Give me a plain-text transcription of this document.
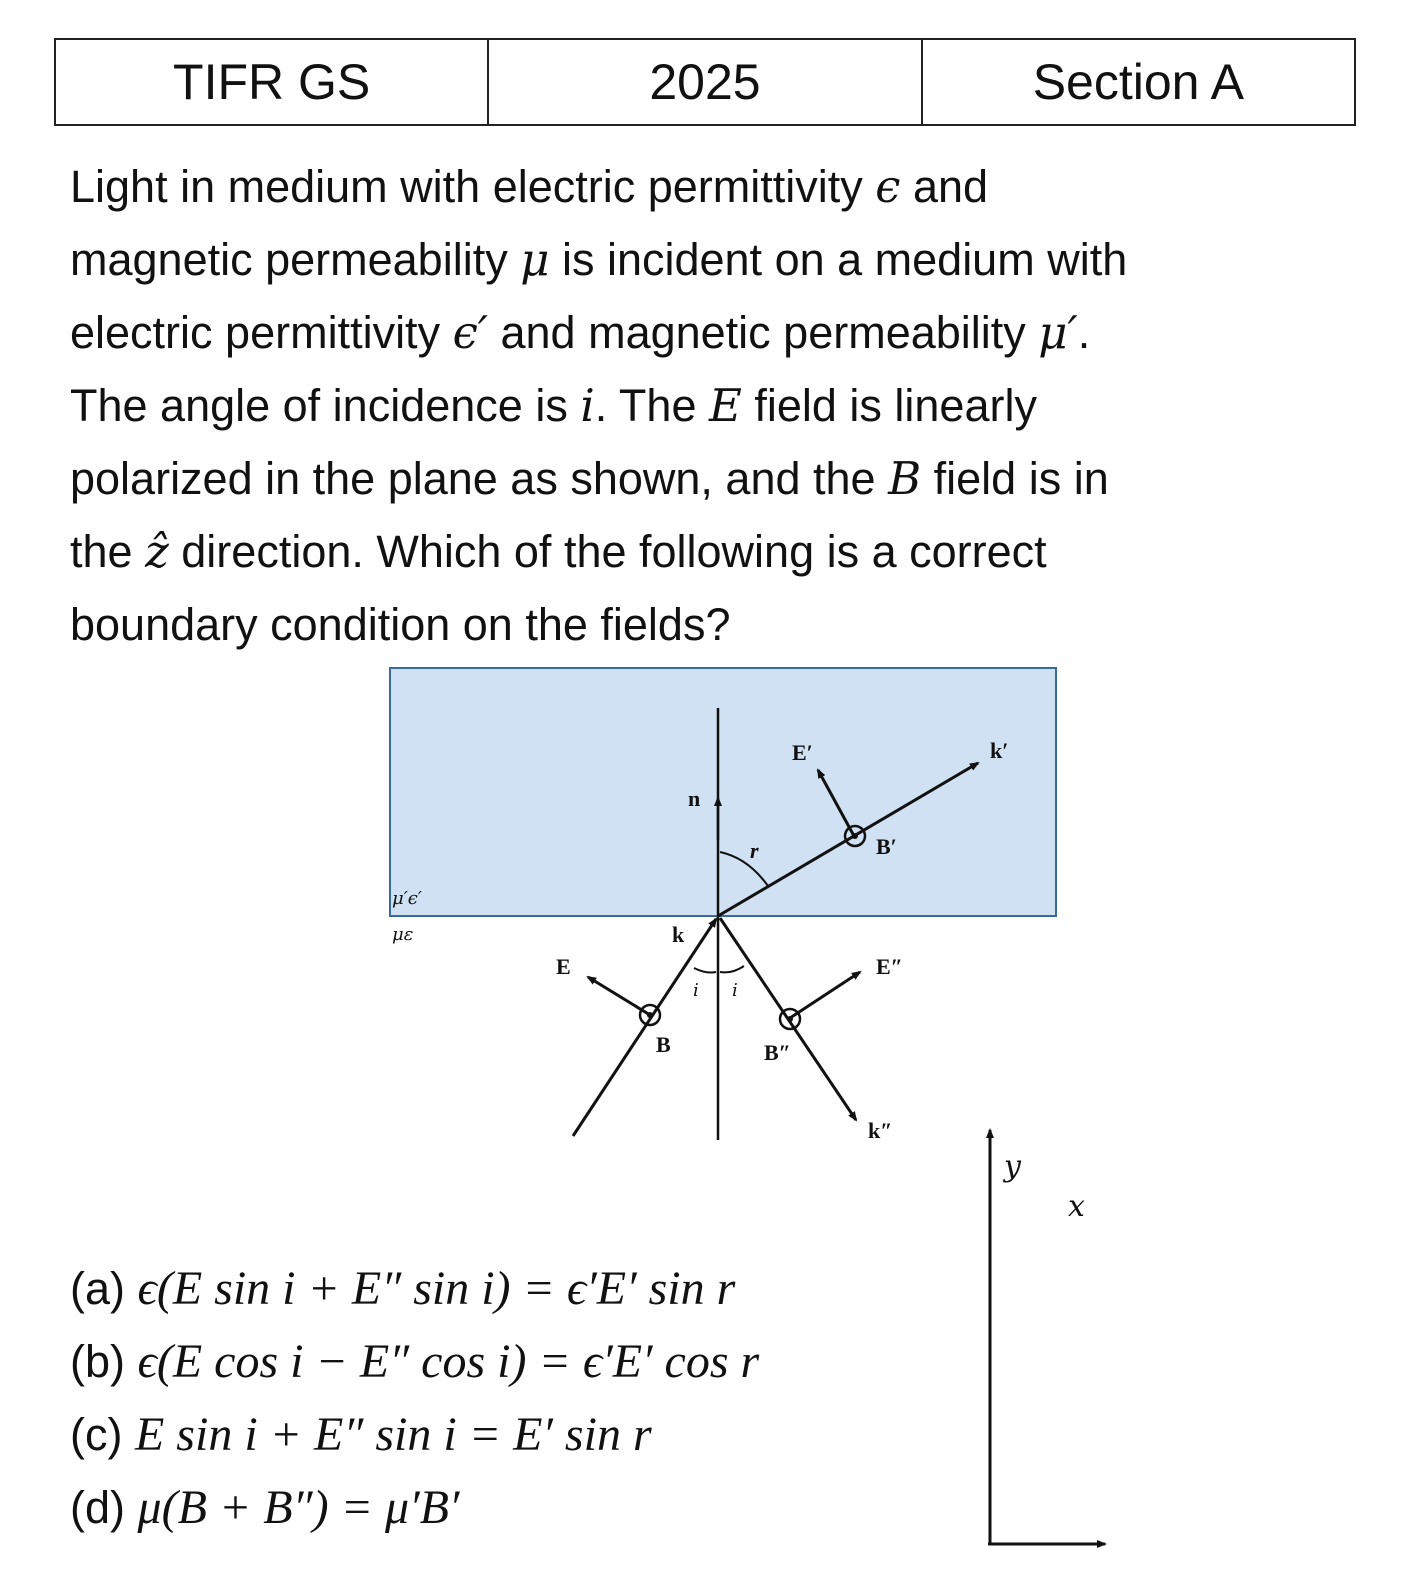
TIFR GS	2025	Section A

Light in medium with electric permittivity ϵ and
magnetic permeability μ is incident on a medium with
electric permittivity ϵ′ and magnetic permeability μ′.
The angle of incidence is i. The E field is linearly
polarized in the plane as shown, and the B field is in
the ẑ direction. Which of the following is a correct
boundary condition on the fields?

n
r
E′	k′
B′
k
E
B	B″
E″
k″
μ′ϵ′
με
i i
y
x
(a) ϵ(E sin i + E″ sin i) = ϵ′E′ sin r
(b) ϵ(E cos i − E″ cos i) = ϵ′E′ cos r
(c) E sin i + E″ sin i = E′ sin r
(d) μ(B + B″) = μ′B′
